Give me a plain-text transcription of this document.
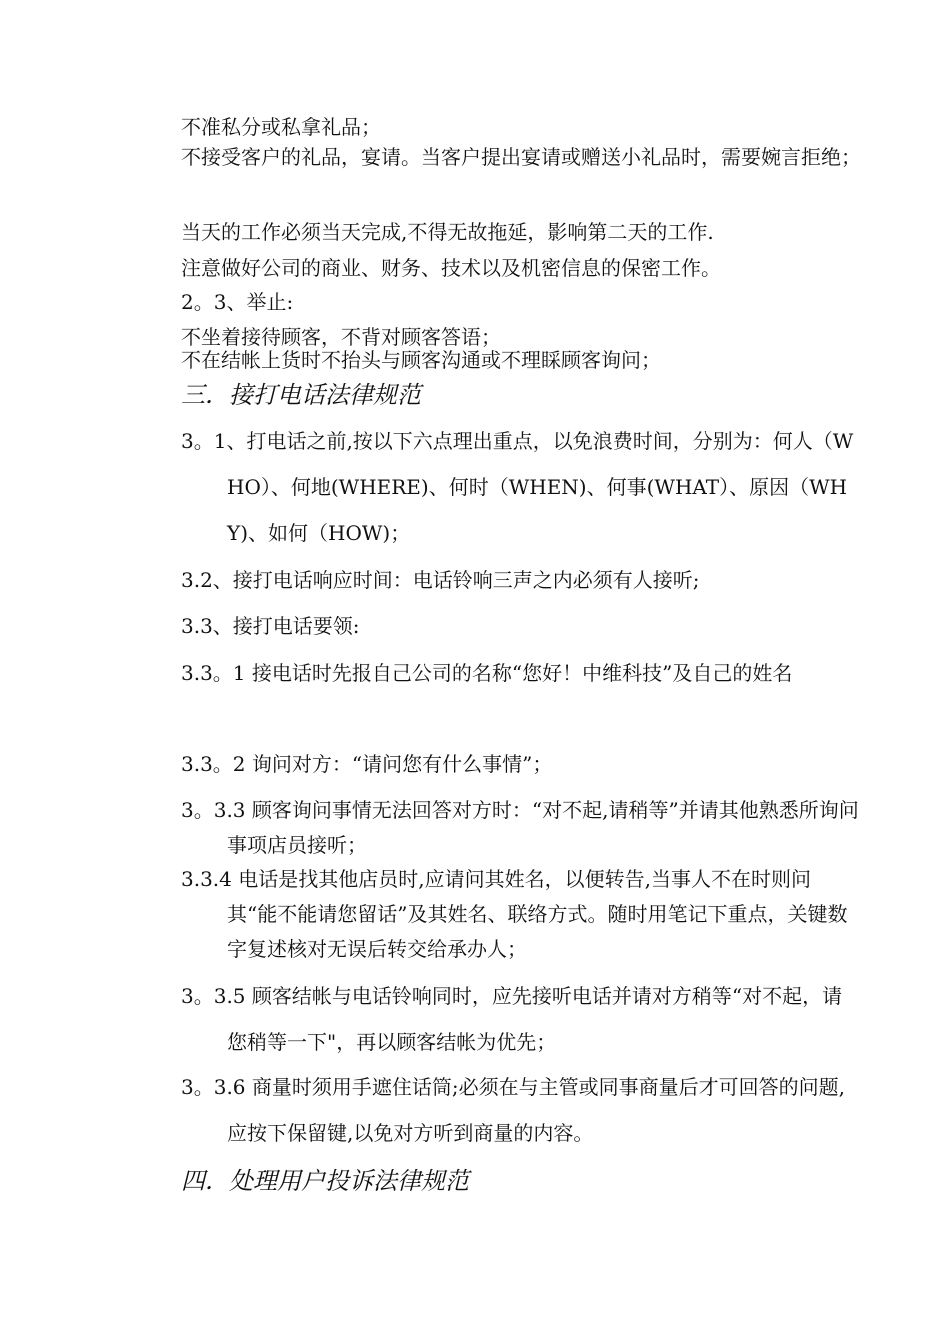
不准私分或私拿礼品；
不接受客户的礼品，宴请。当客户提出宴请或赠送小礼品时，需要婉言拒绝；
当天的工作必须当天完成,不得无故拖延，影响第二天的工作.
注意做好公司的商业、财务、技术以及机密信息的保密工作。
2。3、举止:
不坐着接待顾客，不背对顾客答语；
不在结帐上货时不抬头与顾客沟通或不理睬顾客询问；
三．接打电话法律规范
3。1、打电话之前,按以下六点理出重点，以免浪费时间，分别为：何人（WHO）、何地(WHERE)、何时（WHEN)、何事(WHAT）、原因（WHY)、如何（HOW)；
3.2、接打电话响应时间：电话铃响三声之内必须有人接听;
3.3、接打电话要领:
3.3。1 接电话时先报自己公司的名称“您好！中维科技”及自己的姓名
3.3。2 询问对方：“请问您有什么事情”；
3。3.3 顾客询问事情无法回答对方时：“对不起,请稍等”并请其他熟悉所询问事项店员接听；
3.3.4 电话是找其他店员时,应请问其姓名，以便转告,当事人不在时则问其“能不能请您留话”及其姓名、联络方式。随时用笔记下重点，关键数字复述核对无误后转交给承办人；
3。3.5 顾客结帐与电话铃响同时，应先接听电话并请对方稍等“对不起，请您稍等一下"，再以顾客结帐为优先；
3。3.6 商量时须用手遮住话筒;必须在与主管或同事商量后才可回答的问题,应按下保留键,以免对方听到商量的内容。
四．处理用户投诉法律规范
